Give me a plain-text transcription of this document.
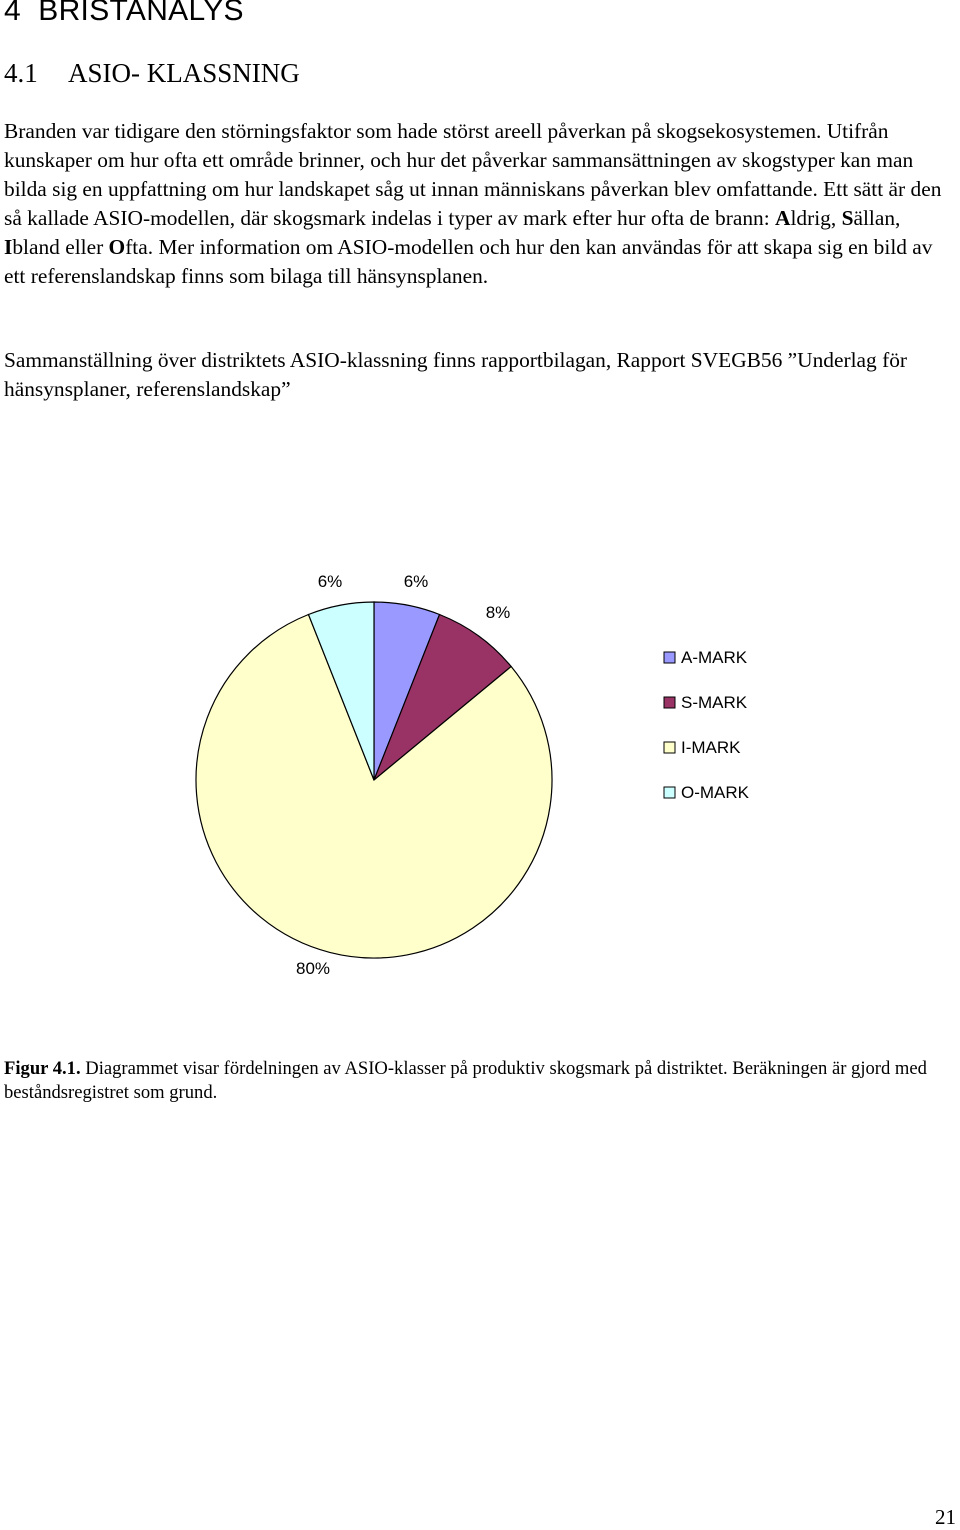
4 BRISTANALYS
4.1 ASIO- KLASSNING

Branden var tidigare den störningsfaktor som hade störst areell påverkan på skogsekosystemen. Utifrån kunskaper om hur ofta ett område brinner, och hur det påverkar sammansättningen av skogstyper kan man bilda sig en uppfattning om hur landskapet såg ut innan människans påverkan blev omfattande. Ett sätt är den så kallade ASIO-modellen, där skogsmark indelas i typer av mark efter hur ofta de brann: Aldrig, Sällan, Ibland eller Ofta. Mer information om ASIO-modellen och hur den kan användas för att skapa sig en bild av ett referenslandskap finns som bilaga till hänsynsplanen.

Sammanställning över distriktets ASIO-klassning finns rapportbilagan, Rapport SVEGB56 ”Underlag för hänsynsplaner, referenslandskap”

6%
8%
80%
6%
A-MARK
S-MARK
I-MARK
O-MARK

Figur 4.1. Diagrammet visar fördelningen av ASIO-klasser på produktiv skogsmark på distriktet. Beräkningen är gjord med beståndsregistret som grund.

21
